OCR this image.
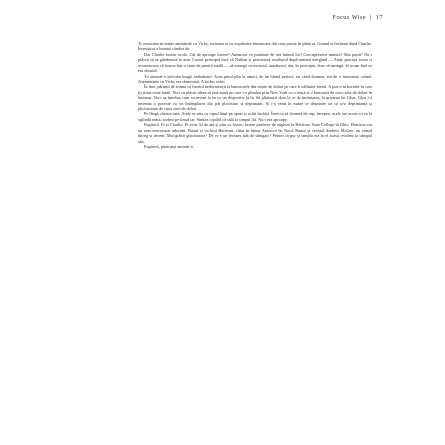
Focus Wise | 17

Tr reunciam in minte amintirile cu Vicky, tornarea ei cu exprimăre întunecată din casa pustie în plină zi. Granul ei încheiat după Charlie. Întrezăcut o lumină cândva de.

Dar Charlie fusese acolo. Cât de aproape fusese? Anemone ce jumătate de oră întinsă lor? Cincisprezece minute? Mai puțin? Nu-i plăcea să se gândească la asta. Lucrul principal încă că Nathan și pescuiseră rezultatul după-amiază mergând — Andy pescuia acum și recunoscuse că fusese într-o stare de panică totală — să meargă cu motorul, autobuzul, dar, în principiu, doar să meargă. Și acum fără ea era obosită.

Tu aruncat-o privirea lungă, îmbufnare. Avea părul plin la umeri, de un blond perfect, iar când dormea, era de o frumusețe calmă. Asemănarea cu Vicky era dureroasă. A închis ochii.

În fine, părinții de teama cu încetul nedormeriții la bancnotele din cinste de dolari pe care îi odihnise bietul. A pus-o în borsetă în care își ținea toate banii. Nu-i sa plăcut ideea să țină banii pe care i-a plimbat prin New York cu o fetiță și o bancnotă de cinci sute de dolari în buzunar. Nu-i sa întrebat cum va reveni la ea cu un dispozitiv la în. Să plătească doar la ce de încântarea, la prietena lui Glyn. Glyn i-a inventat o poveste cu tot întâmplarea din job plictisitor și deprimant. Și i-a venit în minte ce deprinde tot că și-a deprimantă și plictisitoare de cinci sute de dolari.

Pe lângă chestia asta, Andy se uita cu capul lăsat pe spate și ochii închiși. Încerca să doarmă de cap, începea, acele ore acum cu ea la oglindă seara, sorbea pe fimul iar. Simțea copilul că sălii la timpul lui. Nu-i era aproape.

Fugiseră. Ei și Charlie. El avea 34 de ani și plin cu fructe, fusese profesor de engleză la Harrison State College în Ohio. Harrison era un oraș universitar adormit. Bunul și vechiul Harrison, chiar în inima Americii de Nord. Bunul și vechiul Andrew McGee, un cinstit întreg și decent. Mai grăbit ghicitoarea? De ce e un fermier atât de stângaci? Pentru că pur și simplu era la el acasă, evident la câmpul său.

Fugiseră, până mai amintit-o.
